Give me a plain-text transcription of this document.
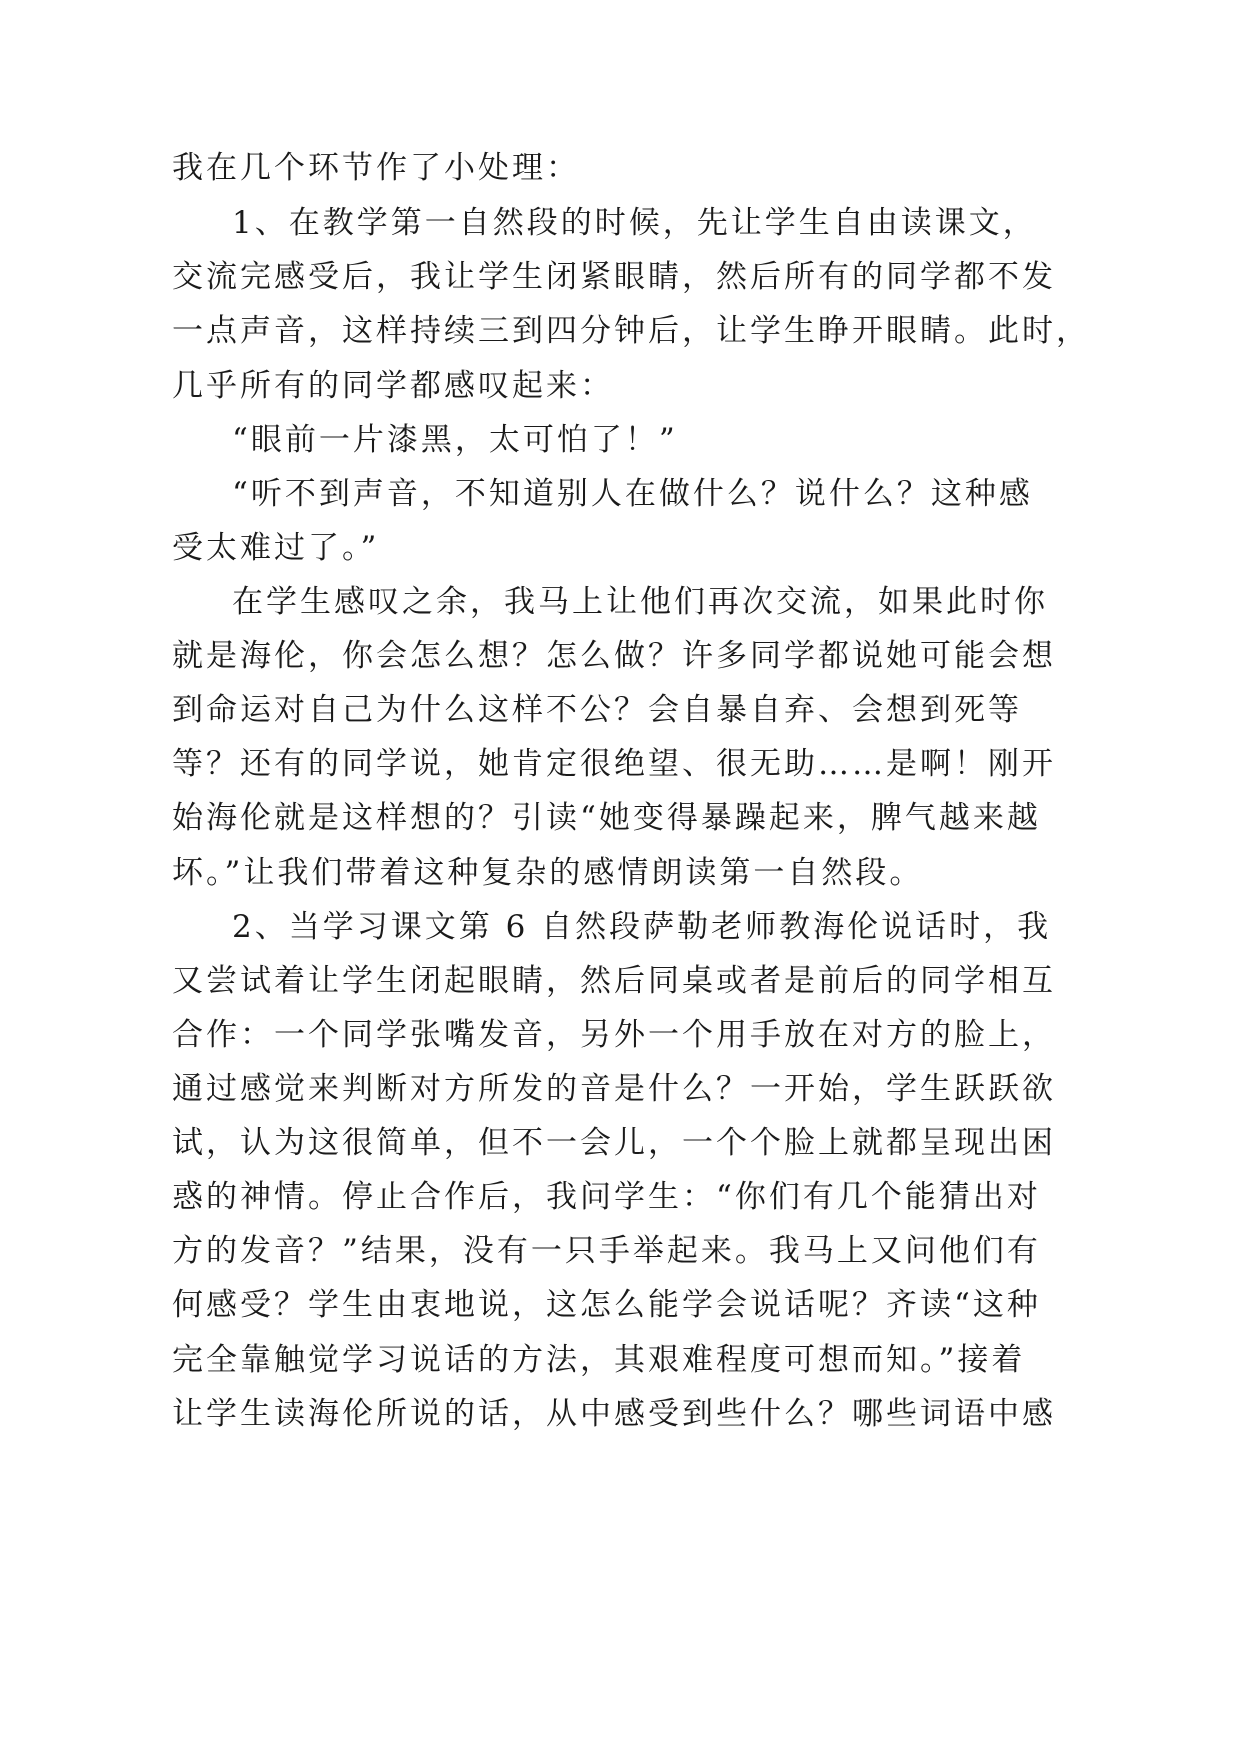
我在几个环节作了小处理：

1、在教学第一自然段的时候，先让学生自由读课文，

交流完感受后，我让学生闭紧眼睛，然后所有的同学都不发

一点声音，这样持续三到四分钟后，让学生睁开眼睛。此时，

几乎所有的同学都感叹起来：

“眼前一片漆黑，太可怕了！”

“听不到声音，不知道别人在做什么？说什么？这种感

受太难过了。”

在学生感叹之余，我马上让他们再次交流，如果此时你

就是海伦，你会怎么想？怎么做？许多同学都说她可能会想

到命运对自己为什么这样不公？会自暴自弃、会想到死等

等？还有的同学说，她肯定很绝望、很无助……是啊！刚开

始海伦就是这样想的？引读“她变得暴躁起来，脾气越来越

坏。”让我们带着这种复杂的感情朗读第一自然段。

2、当学习课文第 6 自然段萨勒老师教海伦说话时，我

又尝试着让学生闭起眼睛，然后同桌或者是前后的同学相互

合作：一个同学张嘴发音，另外一个用手放在对方的脸上，

通过感觉来判断对方所发的音是什么？一开始，学生跃跃欲

试，认为这很简单，但不一会儿，一个个脸上就都呈现出困

惑的神情。停止合作后，我问学生：“你们有几个能猜出对

方的发音？”结果，没有一只手举起来。我马上又问他们有

何感受？学生由衷地说，这怎么能学会说话呢？齐读“这种

完全靠触觉学习说话的方法，其艰难程度可想而知。”接着

让学生读海伦所说的话，从中感受到些什么？哪些词语中感
